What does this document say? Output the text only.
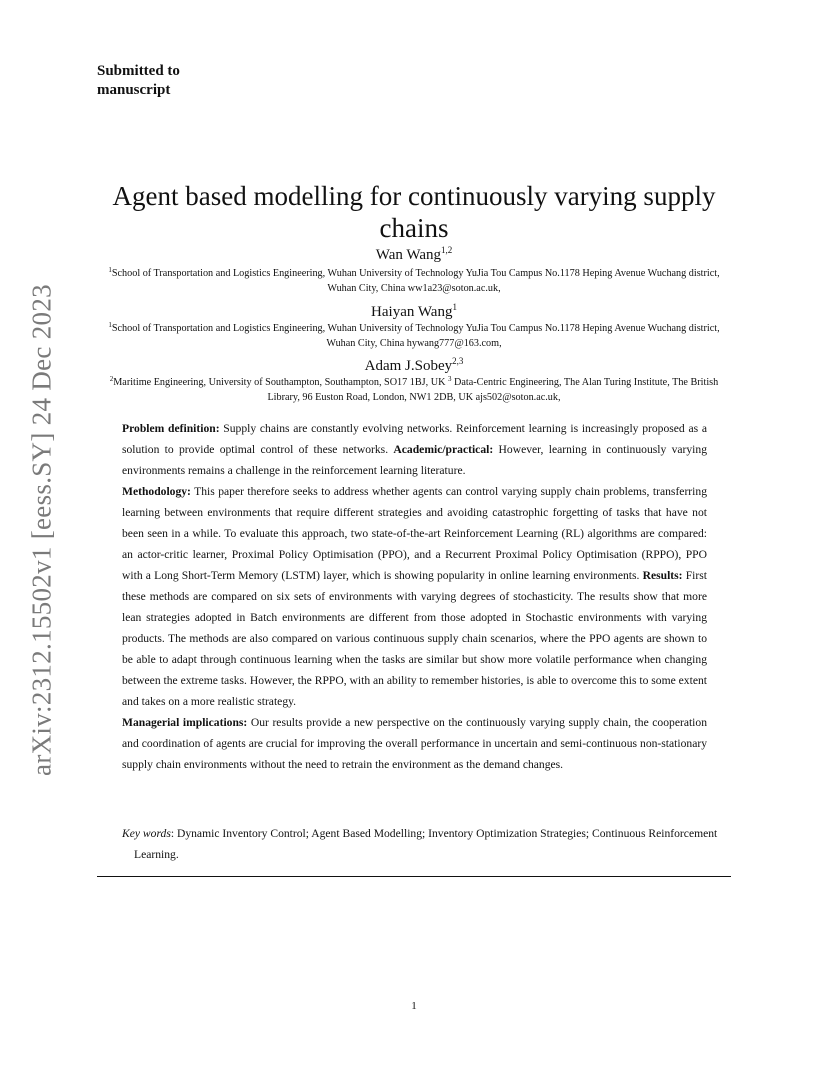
arXiv:2312.15502v1 [eess.SY] 24 Dec 2023
Submitted to
manuscript
Agent based modelling for continuously varying supply chains
Wan Wang$^{1,2}$
$^1$School of Transportation and Logistics Engineering, Wuhan University of Technology YuJia Tou Campus No.1178 Heping Avenue Wuchang district, Wuhan City, China ww1a23@soton.ac.uk,
Haiyan Wang$^1$
$^1$School of Transportation and Logistics Engineering, Wuhan University of Technology YuJia Tou Campus No.1178 Heping Avenue Wuchang district, Wuhan City, China hywang777@163.com,
Adam J.Sobey$^{2,3}$
$^2$Maritime Engineering, University of Southampton, Southampton, SO17 1BJ, UK $^3$ Data-Centric Engineering, The Alan Turing Institute, The British Library, 96 Euston Road, London, NW1 2DB, UK ajs502@soton.ac.uk,

Problem definition: Supply chains are constantly evolving networks. Reinforcement learning is increasingly proposed as a solution to provide optimal control of these networks. Academic/practical: However, learning in continuously varying environments remains a challenge in the reinforcement learning literature.
Methodology: This paper therefore seeks to address whether agents can control varying supply chain problems, transferring learning between environments that require different strategies and avoiding catastrophic forgetting of tasks that have not been seen in a while. To evaluate this approach, two state-of-the-art Reinforcement Learning (RL) algorithms are compared: an actor-critic learner, Proximal Policy Optimisation (PPO), and a Recurrent Proximal Policy Optimisation (RPPO), PPO with a Long Short-Term Memory (LSTM) layer, which is showing popularity in online learning environments. Results: First these methods are compared on six sets of environments with varying degrees of stochasticity. The results show that more lean strategies adopted in Batch environments are different from those adopted in Stochastic environments with varying products. The methods are also compared on various continuous supply chain scenarios, where the PPO agents are shown to be able to adapt through continuous learning when the tasks are similar but show more volatile performance when changing between the extreme tasks. However, the RPPO, with an ability to remember histories, is able to overcome this to some extent and takes on a more realistic strategy.
Managerial implications: Our results provide a new perspective on the continuously varying supply chain, the cooperation and coordination of agents are crucial for improving the overall performance in uncertain and semi-continuous non-stationary supply chain environments without the need to retrain the environment as the demand changes.

Key words: Dynamic Inventory Control; Agent Based Modelling; Inventory Optimization Strategies; Continuous Reinforcement Learning.
1
